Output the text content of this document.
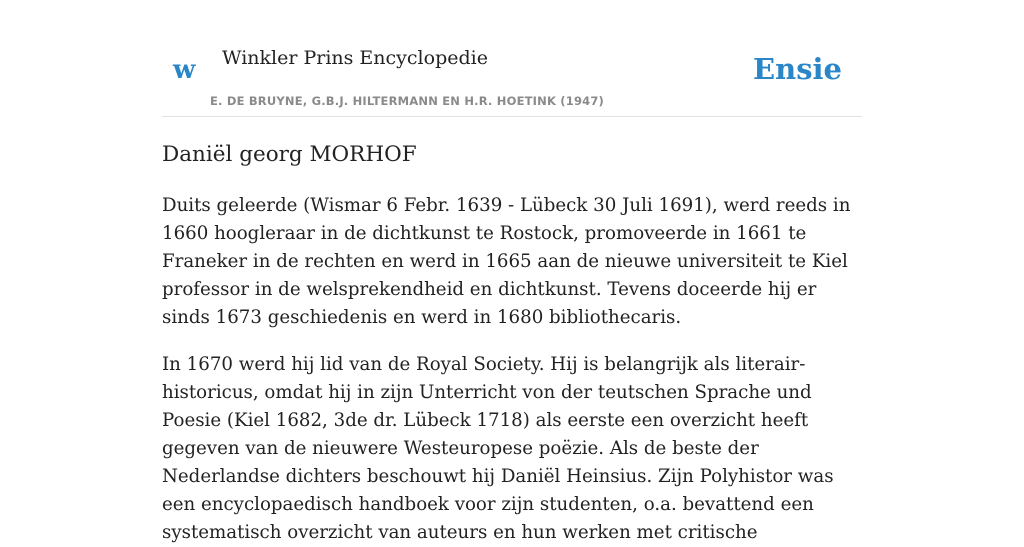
w Winkler Prins Encyclopedie
E. DE BRUYNE, G.B.J. HILTERMANN EN H.R. HOETINK (1947)
Ensie
Daniël georg MORHOF

Duits geleerde (Wismar 6 Febr. 1639 - Lübeck 30 Juli 1691), werd reeds in 1660 hoogleraar in de dichtkunst te Rostock, promoveerde in 1661 te Franeker in de rechten en werd in 1665 aan de nieuwe universiteit te Kiel professor in de welsprekendheid en dichtkunst. Tevens doceerde hij er sinds 1673 geschiedenis en werd in 1680 bibliothecaris.

In 1670 werd hij lid van de Royal Society. Hij is belangrijk als literair-historicus, omdat hij in zijn Unterricht von der teutschen Sprache und Poesie (Kiel 1682, 3de dr. Lübeck 1718) als eerste een overzicht heeft gegeven van de nieuwere Westeuropese poëzie. Als de beste der Nederlandse dichters beschouwt hij Daniël Heinsius. Zijn Polyhistor was een encyclopaedisch handboek voor zijn studenten, o.a. bevattend een systematisch overzicht van auteurs en hun werken met critische
